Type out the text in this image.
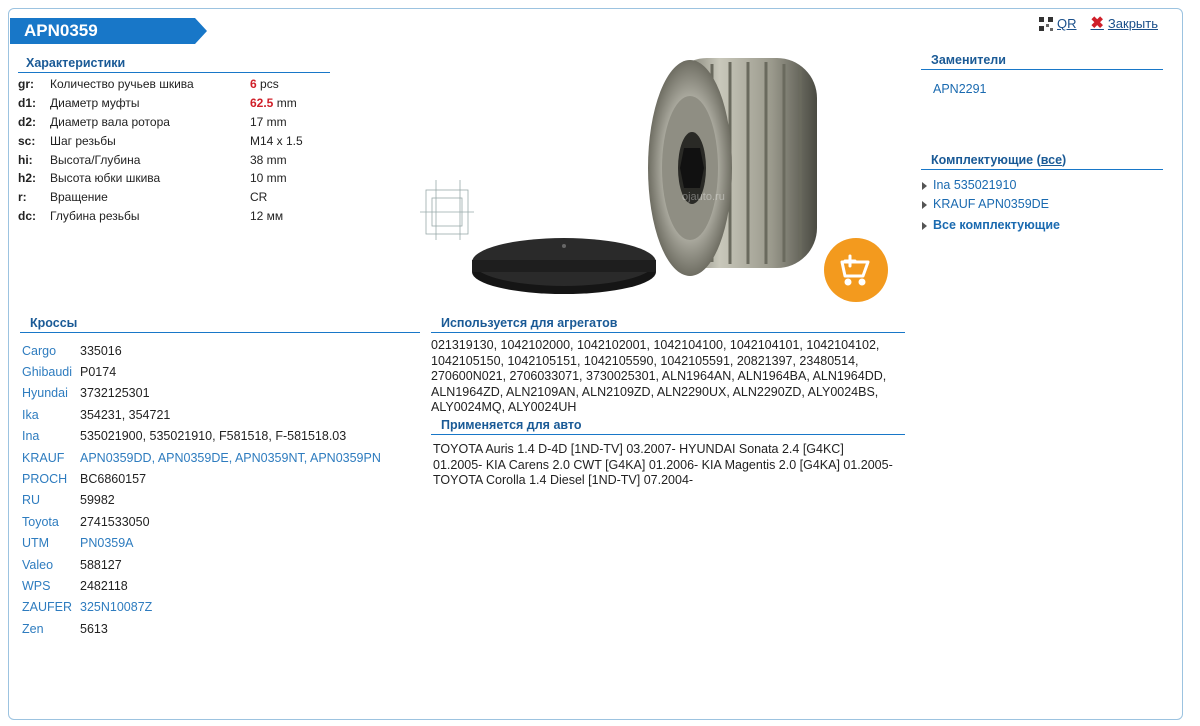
APN0359	QR ✖ Закрыть
Характеристики
gr:	Количество ручьев шкива	6 pcs
d1:	Диаметр муфты	62.5 mm
d2:	Диаметр вала ротора	17 mm
sc:	Шаг резьбы	M14 x 1.5
hi:	Высота/Глубина	38 mm
h2:	Высота юбки шкива	10 mm
r:	Вращение	CR
dc:	Глубина резьбы	12 мм
ojauto.ru
Заменители
APN2291
Комплектующие (все)
Ina 535021910
KRAUF APN0359DE
Все комплектующие
Кроссы
Cargo	335016
Ghibaudi	P0174
Hyundai	3732125301
Ika	354231, 354721
Ina	535021900, 535021910, F581518, F-581518.03
KRAUF	APN0359DD, APN0359DE, APN0359NT, APN0359PN
PROCH	BC6860157
RU	59982
Toyota	2741533050
UTM	PN0359A
Valeo	588127
WPS	2482118
ZAUFER	325N10087Z
Zen	5613
Используется для агрегатов
021319130, 1042102000, 1042102001, 1042104100, 1042104101, 1042104102, 1042105150, 1042105151, 1042105590, 1042105591, 20821397, 23480514, 270600N021, 2706033071, 3730025301, ALN1964AN, ALN1964BA, ALN1964DD, ALN1964ZD, ALN2109AN, ALN2109ZD, ALN2290UX, ALN2290ZD, ALY0024BS, ALY0024MQ, ALY0024UH
Применяется для авто
TOYOTA Auris 1.4 D-4D [1ND-TV] 03.2007- HYUNDAI Sonata 2.4 [G4KC] 01.2005- KIA Carens 2.0 CWT [G4KA] 01.2006- KIA Magentis 2.0 [G4KA] 01.2005- TOYOTA Corolla 1.4 Diesel [1ND-TV] 07.2004-
